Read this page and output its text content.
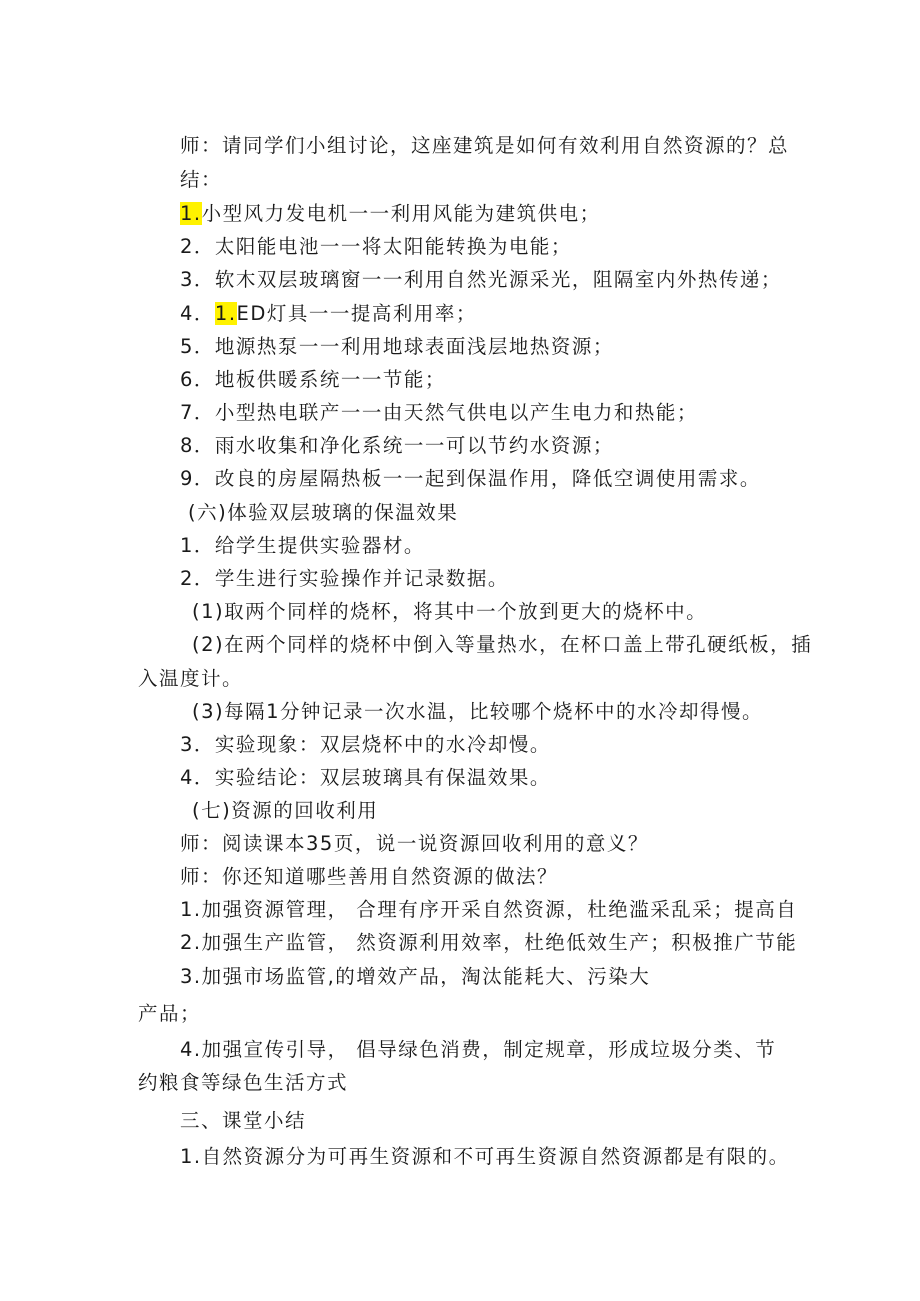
师：请同学们小组讨论，这座建筑是如何有效利用自然资源的？总

结：

1.小型风力发电机一一利用风能为建筑供电；

2．太阳能电池一一将太阳能转换为电能；

3．软木双层玻璃窗一一利用自然光源采光，阻隔室内外热传递；

4．1.ED灯具一一提高利用率；

5．地源热泵一一利用地球表面浅层地热资源；

6．地板供暖系统一一节能；

7．小型热电联产一一由天然气供电以产生电力和热能；

8．雨水收集和净化系统一一可以节约水资源；

9．改良的房屋隔热板一一起到保温作用，降低空调使用需求。

(六)体验双层玻璃的保温效果

1．给学生提供实验器材。

2．学生进行实验操作并记录数据。

(1)取两个同样的烧杯，将其中一个放到更大的烧杯中。

(2)在两个同样的烧杯中倒入等量热水，在杯口盖上带孔硬纸板，插

入温度计。

(3)每隔1分钟记录一次水温，比较哪个烧杯中的水冷却得慢。

3．实验现象：双层烧杯中的水冷却慢。

4．实验结论：双层玻璃具有保温效果。

(七)资源的回收利用

师：阅读课本35页，说一说资源回收利用的意义？

师：你还知道哪些善用自然资源的做法？

1.加强资源管理， 合理有序开采自然资源，杜绝滥采乱采；提高自

2.加强生产监管， 然资源利用效率，杜绝低效生产；积极推广节能

3.加强市场监管,的增效产品，淘汰能耗大、污染大

产品；

4.加强宣传引导， 倡导绿色消费，制定规章，形成垃圾分类、节

约粮食等绿色生活方式

三、课堂小结

1.自然资源分为可再生资源和不可再生资源自然资源都是有限的。
